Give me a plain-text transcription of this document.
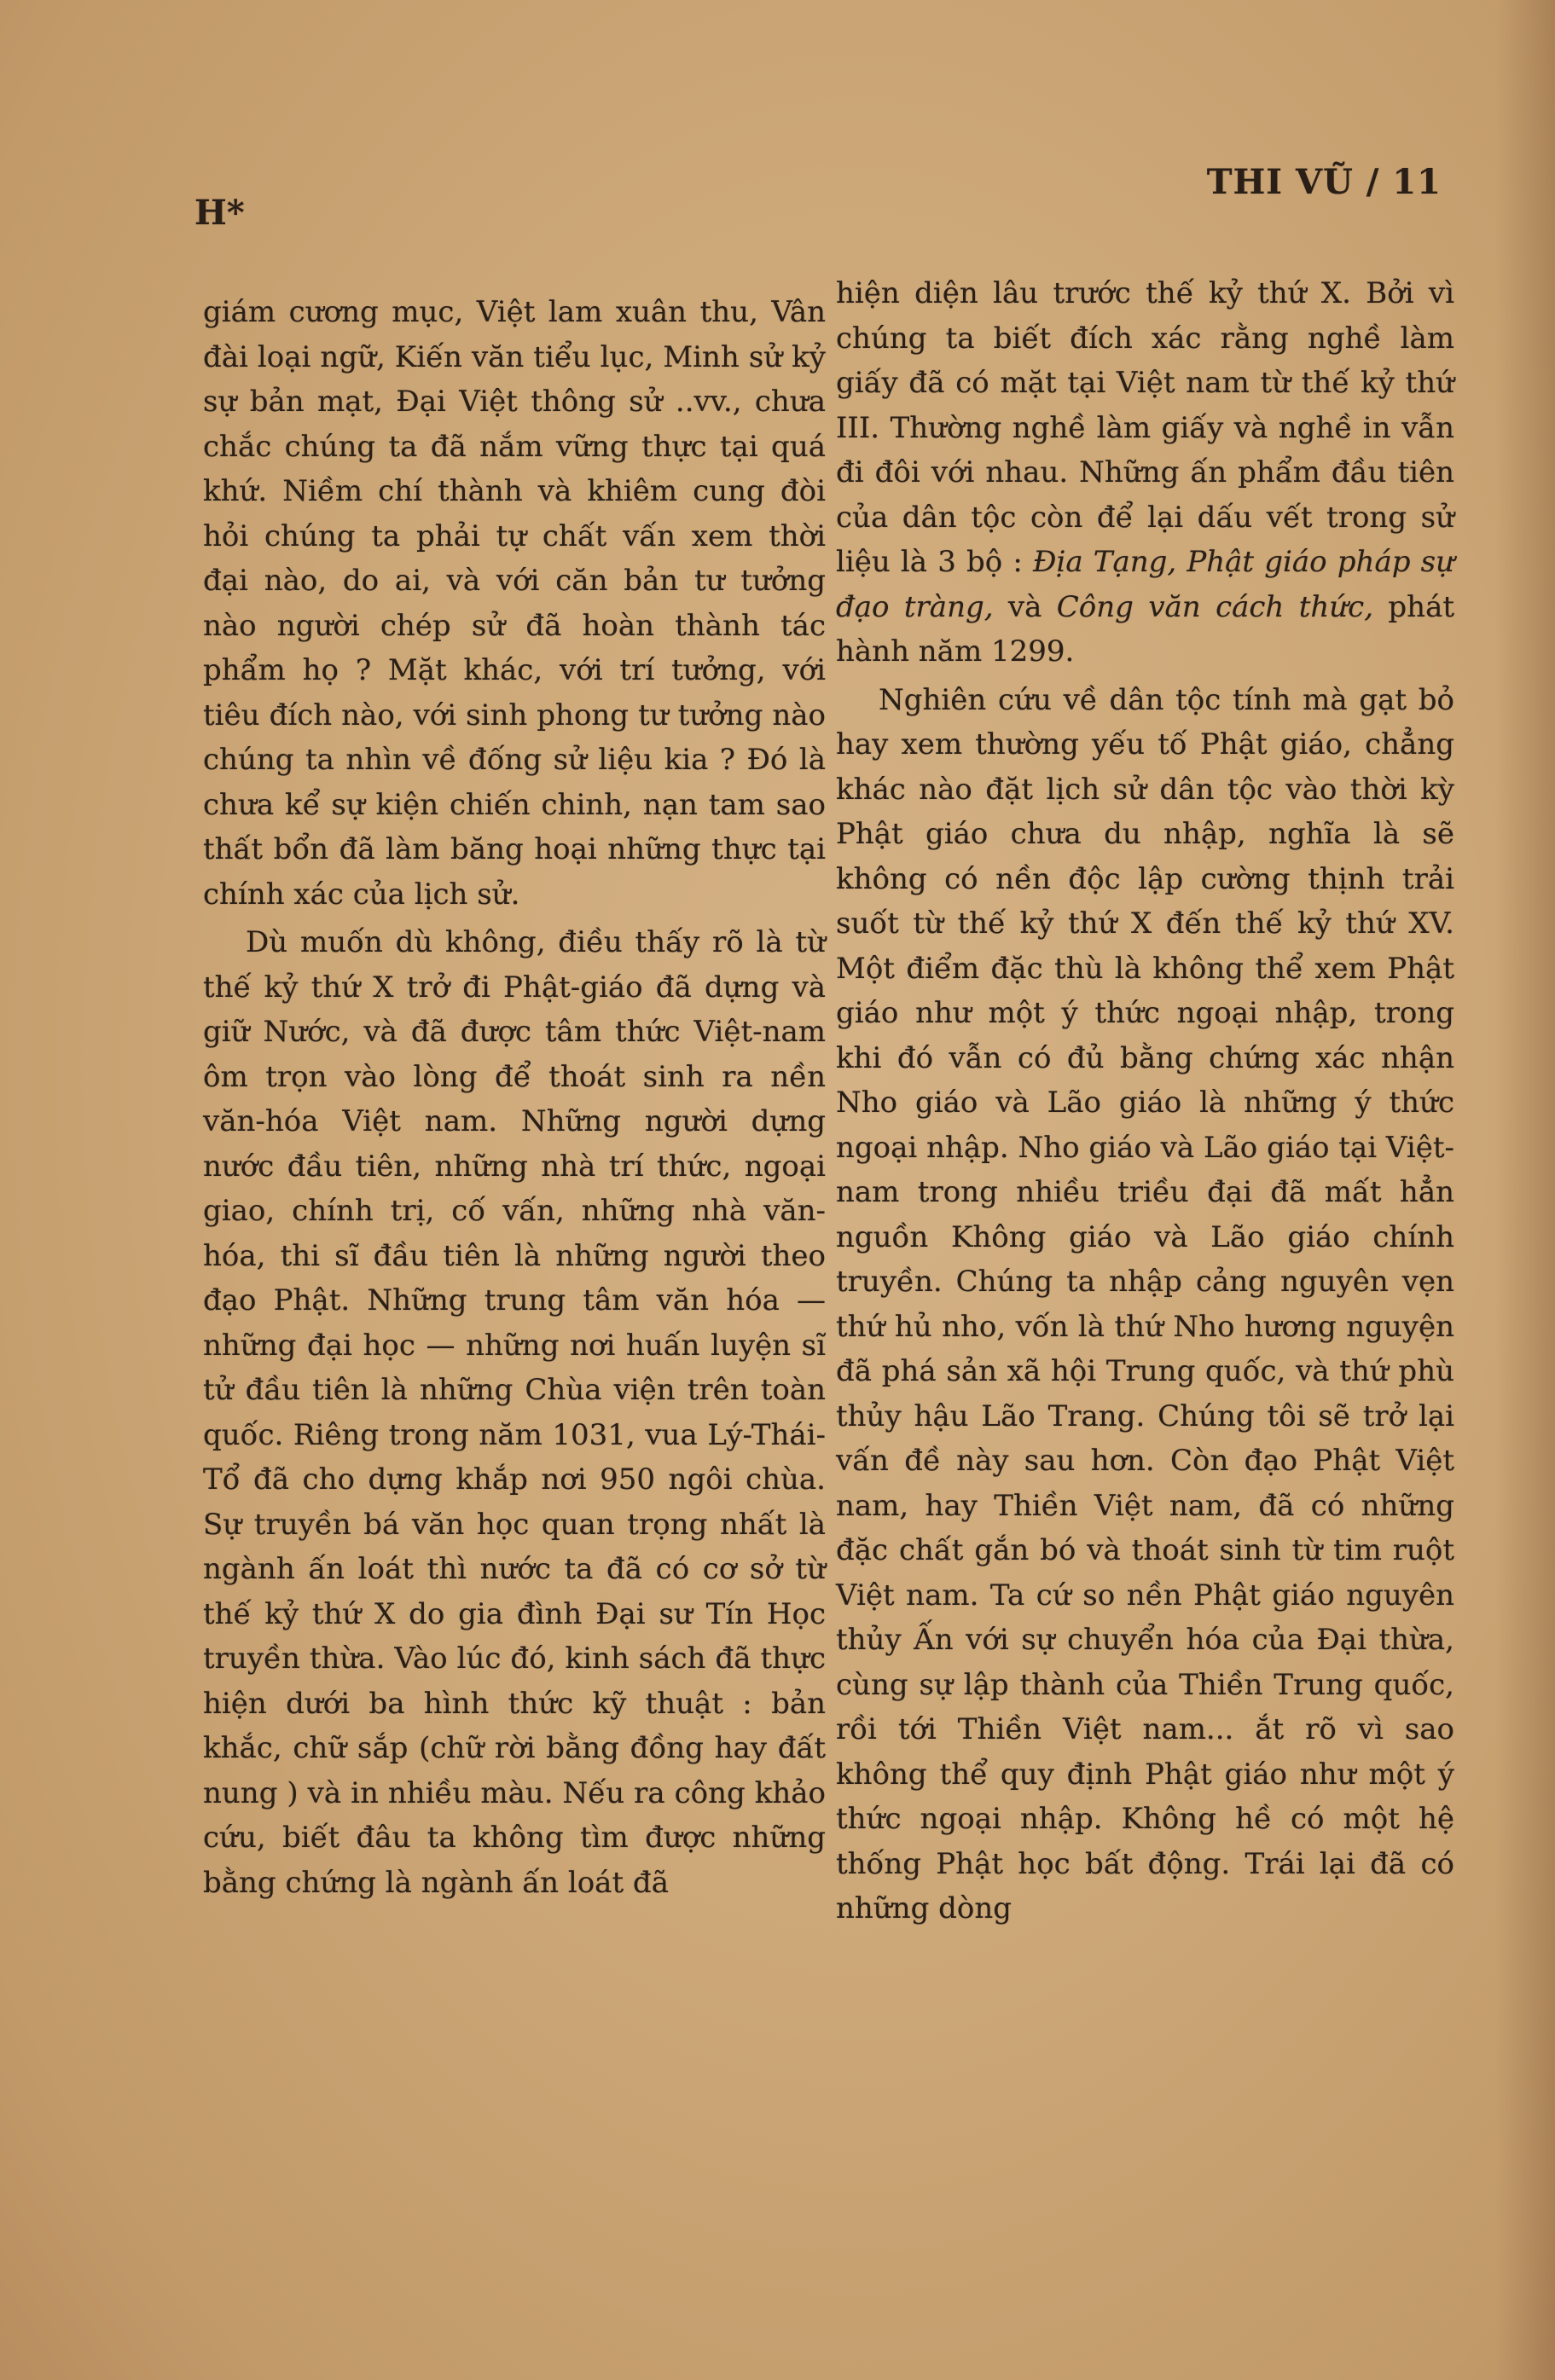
H*
THI VŨ / 11

giám cương mục, Việt lam xuân thu, Vân đài loại ngữ, Kiến văn tiểu lục, Minh sử kỷ sự bản mạt, Đại Việt thông sử ..vv., chưa chắc chúng ta đã nắm vững thực tại quá khứ. Niềm chí thành và khiêm cung đòi hỏi chúng ta phải tự chất vấn xem thời đại nào, do ai, và với căn bản tư tưởng nào người chép sử đã hoàn thành tác phẩm họ ? Mặt khác, với trí tưởng, với tiêu đích nào, với sinh phong tư tưởng nào chúng ta nhìn về đống sử liệu kia ? Đó là chưa kể sự kiện chiến chinh, nạn tam sao thất bổn đã làm băng hoại những thực tại chính xác của lịch sử.

Dù muốn dù không, điều thấy rõ là từ thế kỷ thứ X trở đi Phật-giáo đã dựng và giữ Nước, và đã được tâm thức Việt-nam ôm trọn vào lòng để thoát sinh ra nền văn-hóa Việt nam. Những người dựng nước đầu tiên, những nhà trí thức, ngoại giao, chính trị, cố vấn, những nhà văn-hóa, thi sĩ đầu tiên là những người theo đạo Phật. Những trung tâm văn hóa — những đại học — những nơi huấn luyện sĩ tử đầu tiên là những Chùa viện trên toàn quốc. Riêng trong năm 1031, vua Lý-Thái-Tổ đã cho dựng khắp nơi 950 ngôi chùa. Sự truyền bá văn học quan trọng nhất là ngành ấn loát thì nước ta đã có cơ sở từ thế kỷ thứ X do gia đình Đại sư Tín Học truyền thừa. Vào lúc đó, kinh sách đã thực hiện dưới ba hình thức kỹ thuật : bản khắc, chữ sắp (chữ rời bằng đồng hay đất nung ) và in nhiều màu. Nếu ra công khảo cứu, biết đâu ta không tìm được những bằng chứng là ngành ấn loát đã

hiện diện lâu trước thế kỷ thứ X. Bởi vì chúng ta biết đích xác rằng nghề làm giấy đã có mặt tại Việt nam từ thế kỷ thứ III. Thường nghề làm giấy và nghề in vẫn đi đôi với nhau. Những ấn phẩm đầu tiên của dân tộc còn để lại dấu vết trong sử liệu là 3 bộ : Địa Tạng, Phật giáo pháp sự đạo tràng, và Công văn cách thức, phát hành năm 1299.

Nghiên cứu về dân tộc tính mà gạt bỏ hay xem thường yếu tố Phật giáo, chẳng khác nào đặt lịch sử dân tộc vào thời kỳ Phật giáo chưa du nhập, nghĩa là sẽ không có nền độc lập cường thịnh trải suốt từ thế kỷ thứ X đến thế kỷ thứ XV. Một điểm đặc thù là không thể xem Phật giáo như một ý thức ngoại nhập, trong khi đó vẫn có đủ bằng chứng xác nhận Nho giáo và Lão giáo là những ý thức ngoại nhập. Nho giáo và Lão giáo tại Việt-nam trong nhiều triều đại đã mất hẳn nguồn Không giáo và Lão giáo chính truyền. Chúng ta nhập cảng nguyên vẹn thứ hủ nho, vốn là thứ Nho hương nguyện đã phá sản xã hội Trung quốc, và thứ phù thủy hậu Lão Trang. Chúng tôi sẽ trở lại vấn đề này sau hơn. Còn đạo Phật Việt nam, hay Thiền Việt nam, đã có những đặc chất gắn bó và thoát sinh từ tim ruột Việt nam. Ta cứ so nền Phật giáo nguyên thủy Ấn với sự chuyển hóa của Đại thừa, cùng sự lập thành của Thiền Trung quốc, rồi tới Thiền Việt nam... ắt rõ vì sao không thể quy định Phật giáo như một ý thức ngoại nhập. Không hề có một hệ thống Phật học bất động. Trái lại đã có những dòng
